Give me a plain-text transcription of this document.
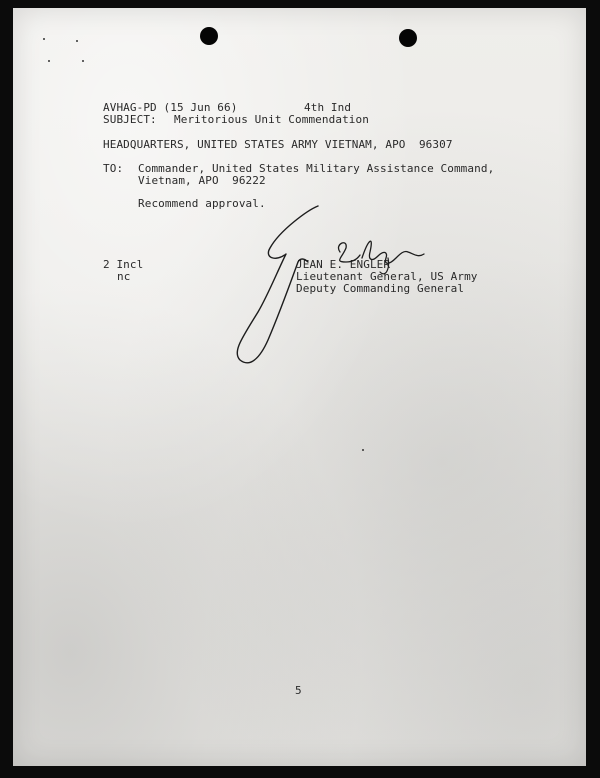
AVHAG-PD (15 Jun 66)	4th Ind
SUBJECT: Meritorious Unit Commendation
HEADQUARTERS, UNITED STATES ARMY VIETNAM, APO  96307
TO: Commander, United States Military Assistance Command,
Vietnam, APO  96222
Recommend approval.
2 Incl
nc
JEAN E. ENGLER
Lieutenant General, US Army
Deputy Commanding General
5
